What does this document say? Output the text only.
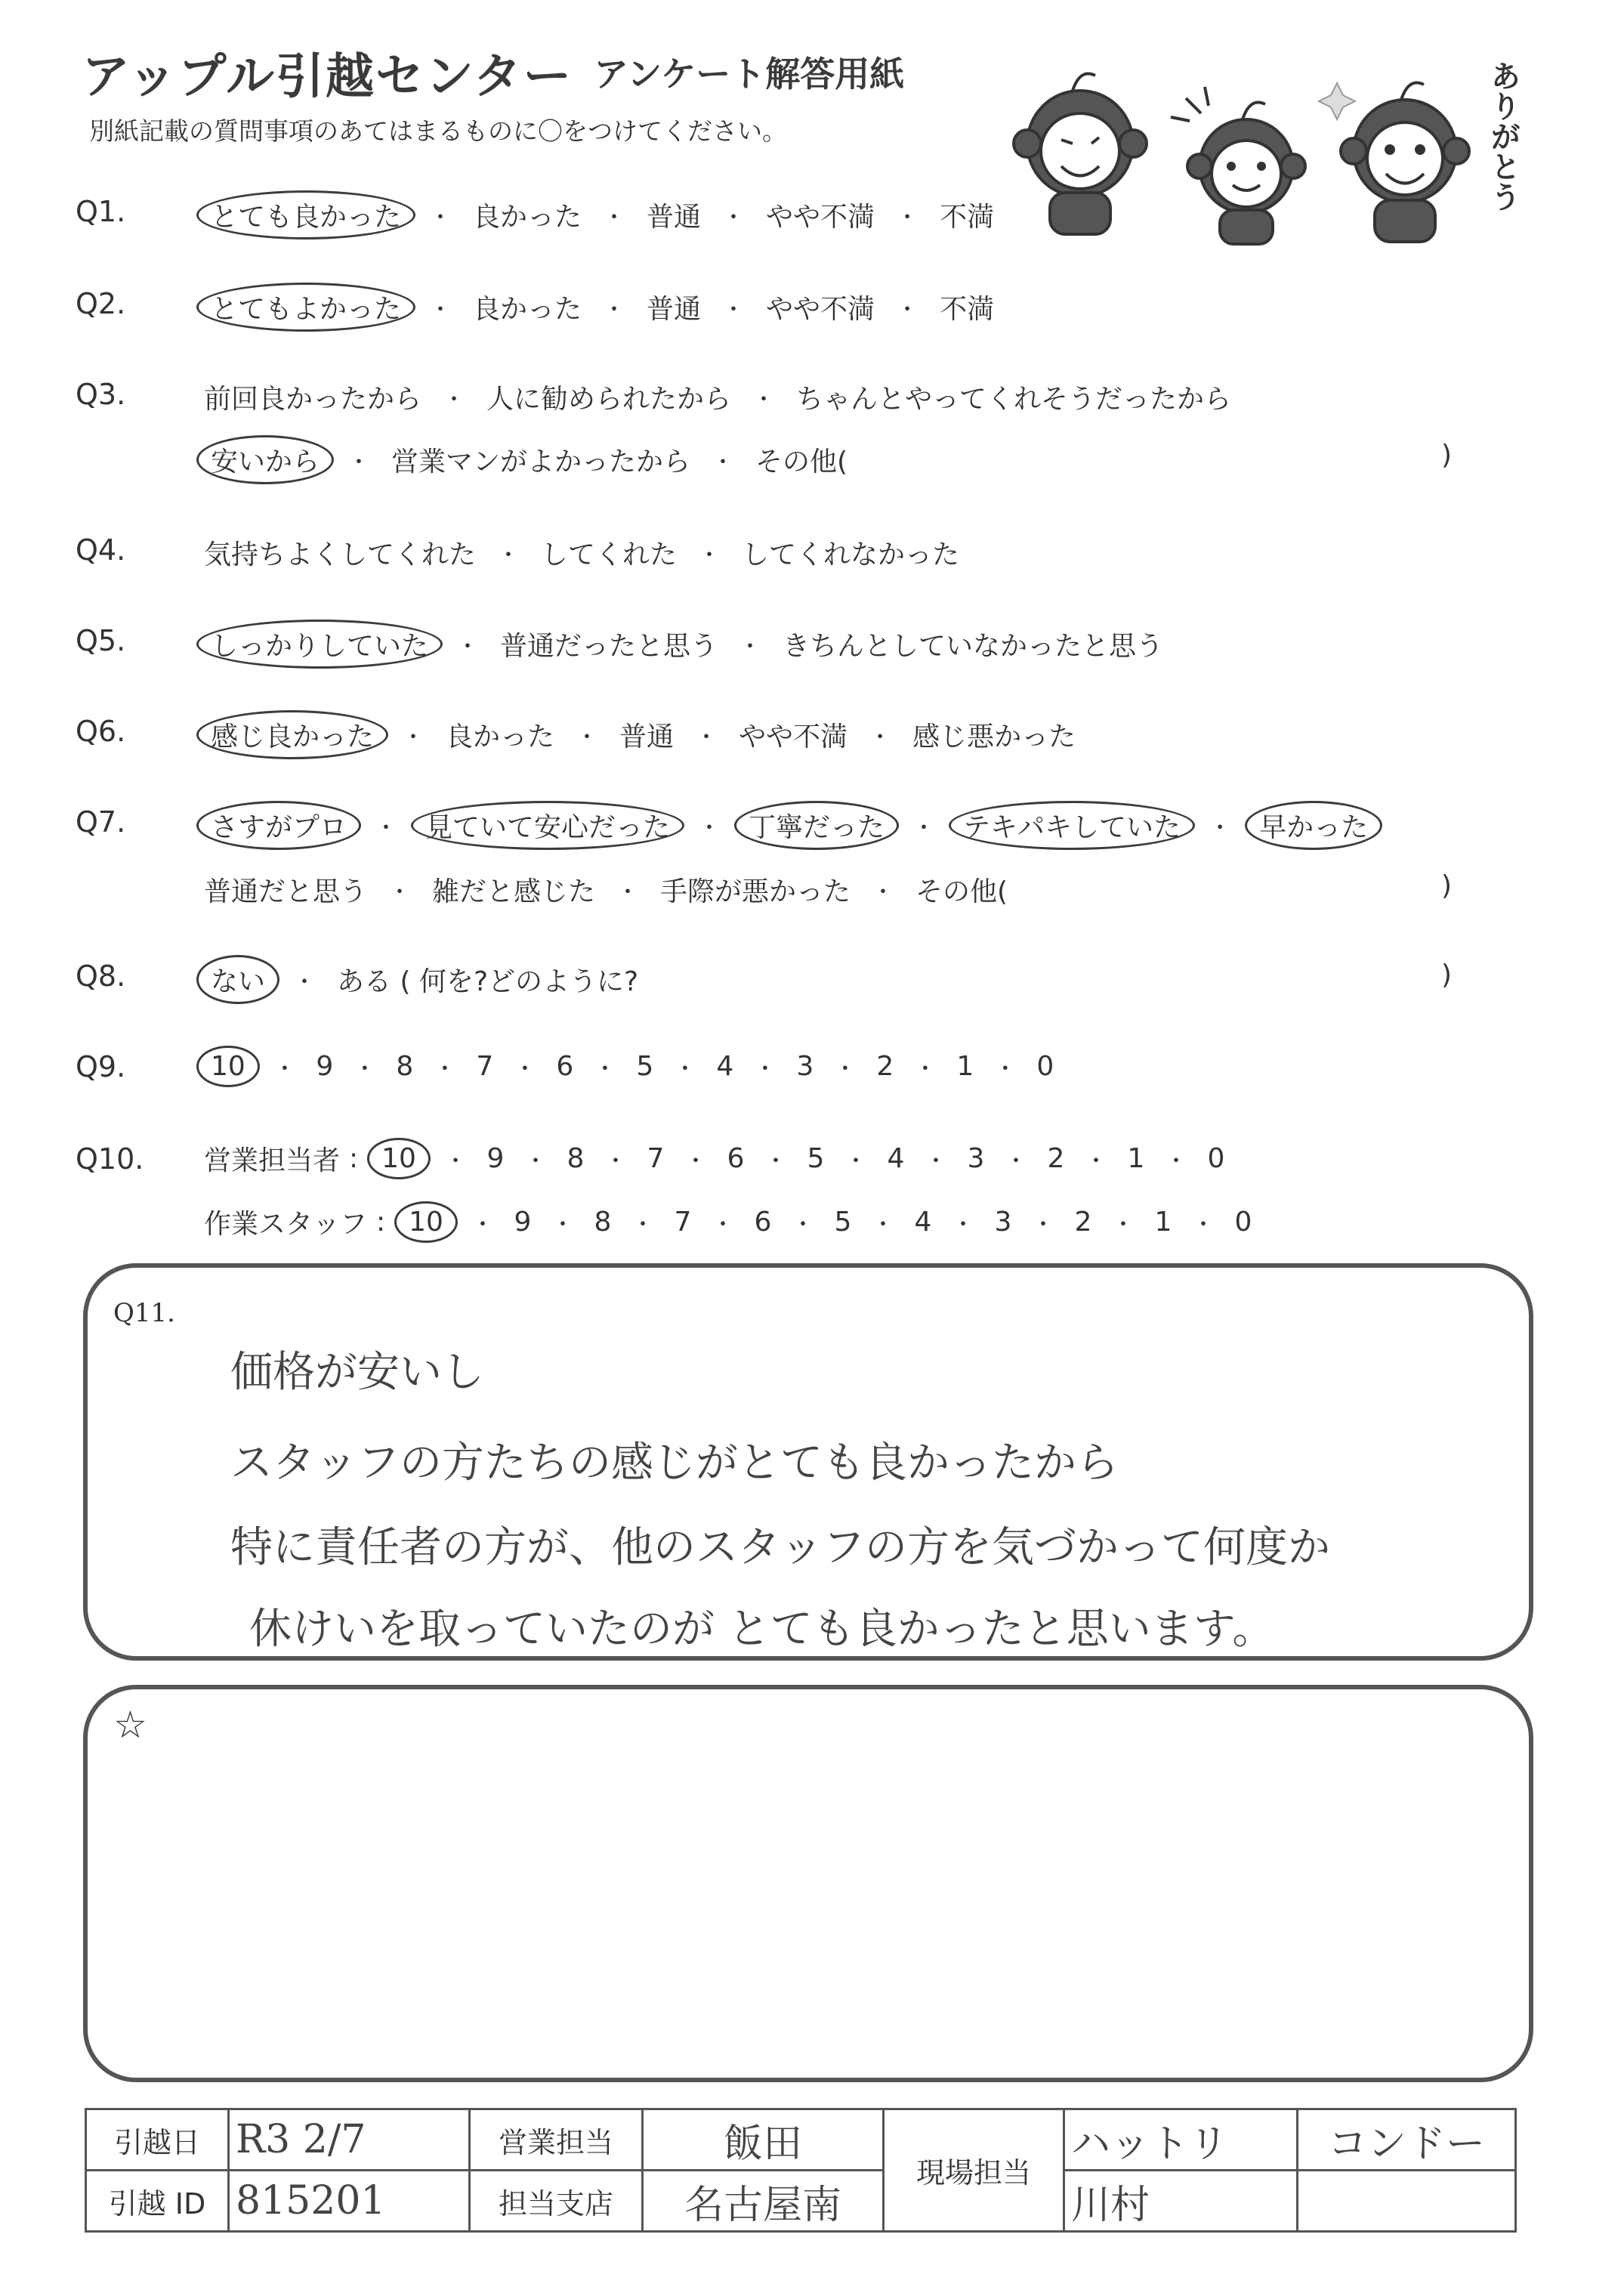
アップル引越センター アンケート解答用紙
別紙記載の質問事項のあてはまるものに〇をつけてください。	ありがとう
Q1.	とても良かった	・ 良かった ・ 普通 ・ やや不満 ・ 不満
Q2.	とてもよかった	・ 良かった ・ 普通 ・ やや不満 ・ 不満
Q3.	前回良かったから ・ 人に勧められたから ・ ちゃんとやってくれそうだったから
安いから	・ 営業マンがよかったから ・ その他(	)
Q4.	気持ちよくしてくれた ・ してくれた ・ してくれなかった
Q5.	しっかりしていた	・ 普通だったと思う ・ きちんとしていなかったと思う
Q6.	感じ良かった	・ 良かった ・ 普通 ・ やや不満 ・ 感じ悪かった
Q7.	さすがプロ	・	見ていて安心だった	・	丁寧だった	・	テキパキしていた	・	早かった
普通だと思う ・ 雑だと感じた ・ 手際が悪かった ・ その他(	)
Q8.	ない	・ ある ( 何を?どのように?	)
Q9.	10	・ 9 ・ 8 ・ 7 ・ 6 ・ 5 ・ 4 ・ 3 ・ 2 ・ 1 ・ 0
Q10. 営業担当者 : 10	・ 9 ・ 8 ・ 7 ・ 6 ・ 5 ・ 4 ・ 3 ・ 2 ・ 1 ・ 0
作業スタッフ : 10	・ 9 ・ 8 ・ 7 ・ 6 ・ 5 ・ 4 ・ 3 ・ 2 ・ 1 ・ 0
Q11.
価格が安いし
スタッフの方たちの感じがとても良かったから
特に責任者の方が、他のスタッフの方を気づかって何度か
休けいを取っていたのが とても良かったと思います。
☆
引越日	R3 2/7	営業担当	飯田	現場担当	ハットリ	コンドー
引越 ID	815201	担当支店	名古屋南		川村	
